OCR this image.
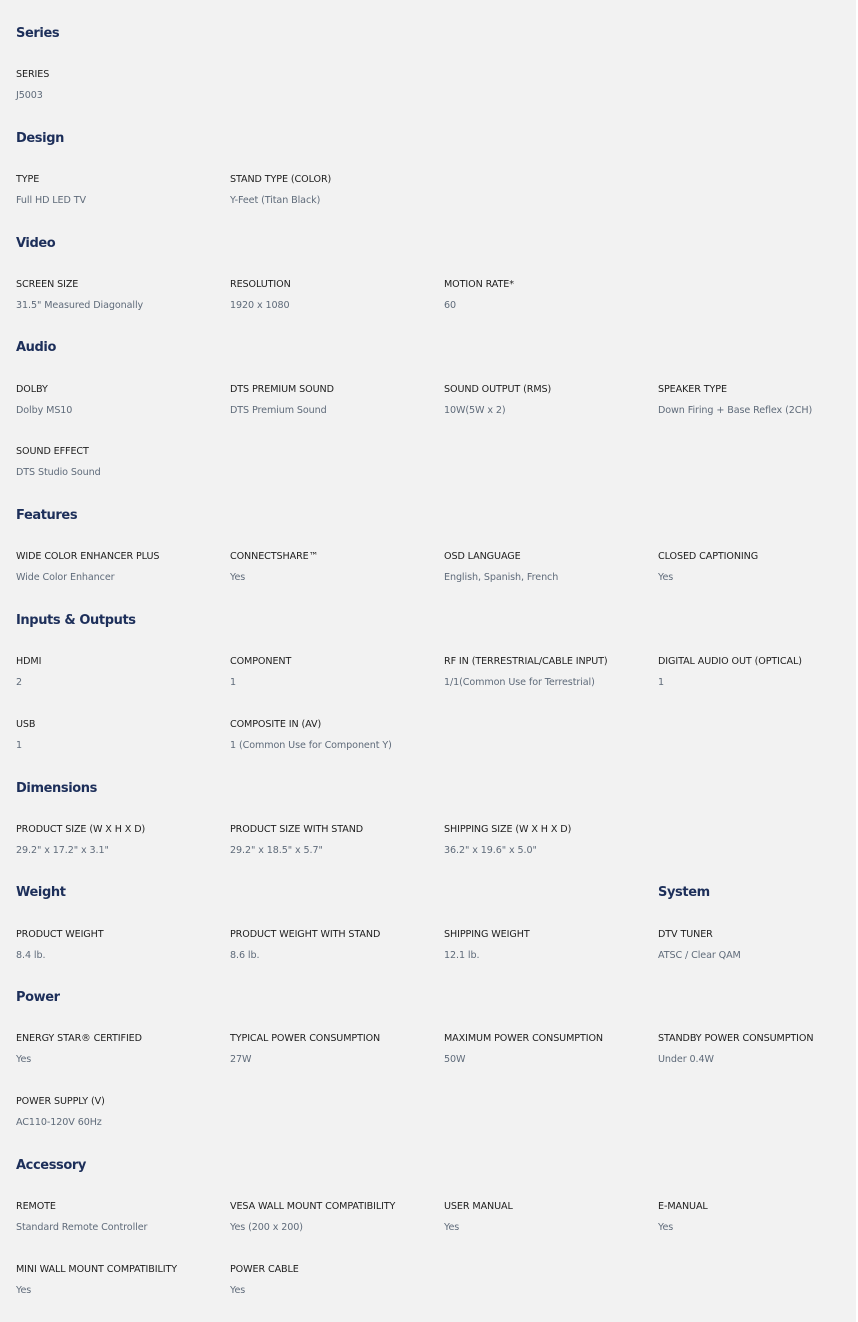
Series
SERIES
J5003
Design
TYPE
Full HD LED TV
STAND TYPE (COLOR)
Y-Feet (Titan Black)
Video
SCREEN SIZE
31.5" Measured Diagonally
RESOLUTION
1920 x 1080
MOTION RATE*
60
Audio
DOLBY
Dolby MS10
DTS PREMIUM SOUND
DTS Premium Sound
SOUND OUTPUT (RMS)
10W(5W x 2)
SPEAKER TYPE
Down Firing + Base Reflex (2CH)
SOUND EFFECT
DTS Studio Sound
Features
WIDE COLOR ENHANCER PLUS
Wide Color Enhancer
CONNECTSHARE™
Yes
OSD LANGUAGE
English, Spanish, French
CLOSED CAPTIONING
Yes
Inputs & Outputs
HDMI
2
COMPONENT
1
RF IN (TERRESTRIAL/CABLE INPUT)
1/1(Common Use for Terrestrial)
DIGITAL AUDIO OUT (OPTICAL)
1
USB
1
COMPOSITE IN (AV)
1 (Common Use for Component Y)
Dimensions
PRODUCT SIZE (W X H X D)
29.2" x 17.2" x 3.1"
PRODUCT SIZE WITH STAND
29.2" x 18.5" x 5.7"
SHIPPING SIZE (W X H X D)
36.2" x 19.6" x 5.0"
Weight
PRODUCT WEIGHT
8.4 lb.
PRODUCT WEIGHT WITH STAND
8.6 lb.
SHIPPING WEIGHT
12.1 lb.
System
DTV TUNER
ATSC / Clear QAM
Power
ENERGY STAR® CERTIFIED
Yes
TYPICAL POWER CONSUMPTION
27W
MAXIMUM POWER CONSUMPTION
50W
STANDBY POWER CONSUMPTION
Under 0.4W
POWER SUPPLY (V)
AC110-120V 60Hz
Accessory
REMOTE
Standard Remote Controller
VESA WALL MOUNT COMPATIBILITY
Yes (200 x 200)
USER MANUAL
Yes
E-MANUAL
Yes
MINI WALL MOUNT COMPATIBILITY
Yes
POWER CABLE
Yes
